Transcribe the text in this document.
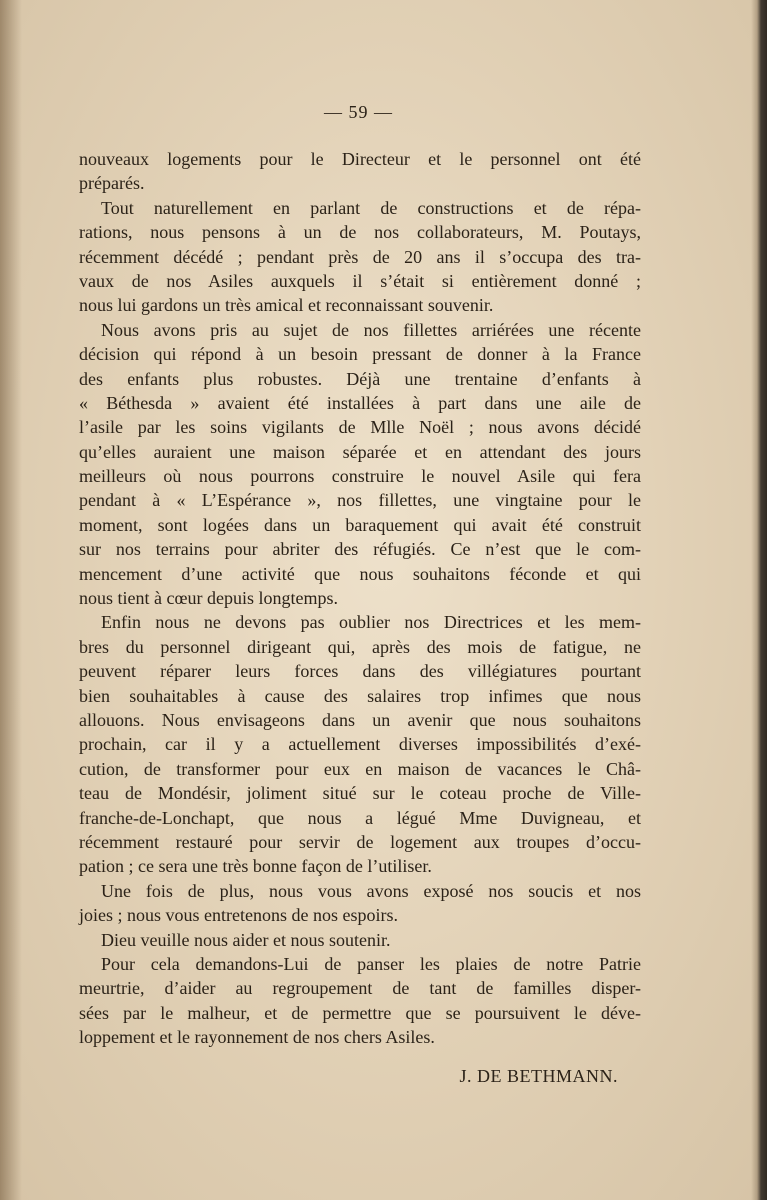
— 59 —
nouveaux logements pour le Directeur et le personnel ont été
préparés.
Tout naturellement en parlant de constructions et de répa-
rations, nous pensons à un de nos collaborateurs, M. Poutays,
récemment décédé ; pendant près de 20 ans il s’occupa des tra-
vaux de nos Asiles auxquels il s’était si entièrement donné ;
nous lui gardons un très amical et reconnaissant souvenir.
Nous avons pris au sujet de nos fillettes arriérées une récente
décision qui répond à un besoin pressant de donner à la France
des enfants plus robustes. Déjà une trentaine d’enfants à
« Béthesda » avaient été installées à part dans une aile de
l’asile par les soins vigilants de Mlle Noël ; nous avons décidé
qu’elles auraient une maison séparée et en attendant des jours
meilleurs où nous pourrons construire le nouvel Asile qui fera
pendant à « L’Espérance », nos fillettes, une vingtaine pour le
moment, sont logées dans un baraquement qui avait été construit
sur nos terrains pour abriter des réfugiés. Ce n’est que le com-
mencement d’une activité que nous souhaitons féconde et qui
nous tient à cœur depuis longtemps.
Enfin nous ne devons pas oublier nos Directrices et les mem-
bres du personnel dirigeant qui, après des mois de fatigue, ne
peuvent réparer leurs forces dans des villégiatures pourtant
bien souhaitables à cause des salaires trop infimes que nous
allouons. Nous envisageons dans un avenir que nous souhaitons
prochain, car il y a actuellement diverses impossibilités d’exé-
cution, de transformer pour eux en maison de vacances le Châ-
teau de Mondésir, joliment situé sur le coteau proche de Ville-
franche-de-Lonchapt, que nous a légué Mme Duvigneau, et
récemment restauré pour servir de logement aux troupes d’occu-
pation ; ce sera une très bonne façon de l’utiliser.
Une fois de plus, nous vous avons exposé nos soucis et nos
joies ; nous vous entretenons de nos espoirs.
Dieu veuille nous aider et nous soutenir.
Pour cela demandons-Lui de panser les plaies de notre Patrie
meurtrie, d’aider au regroupement de tant de familles disper-
sées par le malheur, et de permettre que se poursuivent le déve-
loppement et le rayonnement de nos chers Asiles.
J. DE BETHMANN.
